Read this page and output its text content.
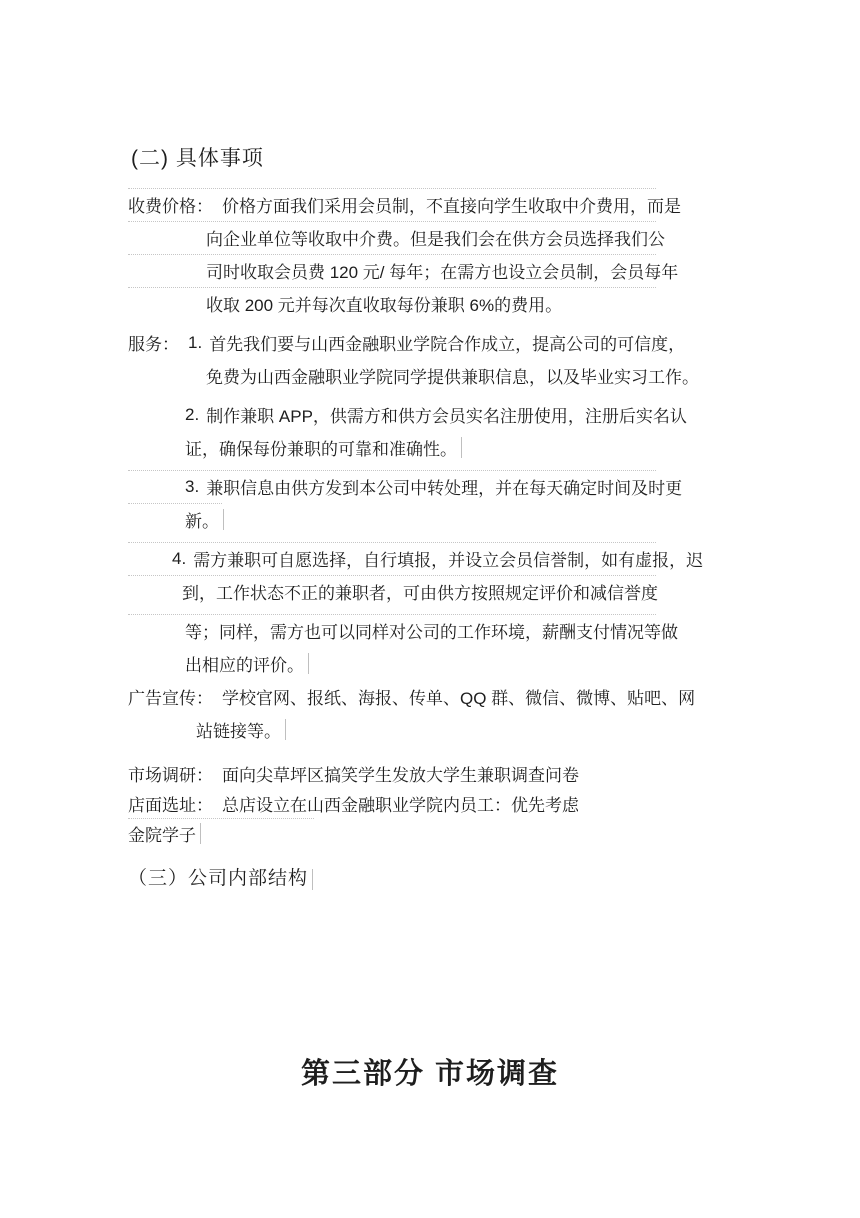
(二) 具体事项
收费价格： 价格方面我们采用会员制，不直接向学生收取中介费用，而是
向企业单位等收取中介费。但是我们会在供方会员选择我们公
司时收取会员费 120 元/ 每年；在需方也设立会员制，会员每年
收取 200 元并每次直收取每份兼职 6%的费用。
服务： 1. 首先我们要与山西金融职业学院合作成立，提高公司的可信度，
免费为山西金融职业学院同学提供兼职信息，以及毕业实习工作。
2. 制作兼职 APP，供需方和供方会员实名注册使用，注册后实名认
证，确保每份兼职的可靠和准确性。
3. 兼职信息由供方发到本公司中转处理，并在每天确定时间及时更
新。
4. 需方兼职可自愿选择，自行填报，并设立会员信誉制，如有虚报，迟
到，工作状态不正的兼职者，可由供方按照规定评价和减信誉度
等；同样，需方也可以同样对公司的工作环境，薪酬支付情况等做
出相应的评价。
广告宣传： 学校官网、报纸、海报、传单、QQ 群、微信、微博、贴吧、网
站链接等。
市场调研： 面向尖草坪区搞笑学生发放大学生兼职调查问卷
店面选址： 总店设立在山西金融职业学院内员工：优先考虑
金院学子
（三）公司内部结构
第三部分 市场调查
